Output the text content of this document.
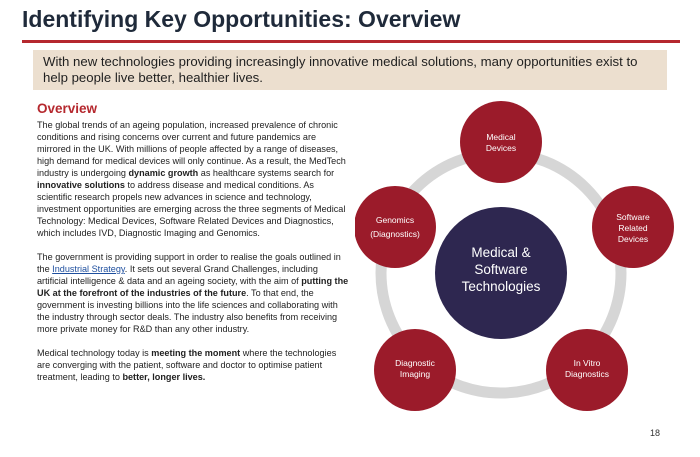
Identifying Key Opportunities: Overview
With new technologies providing increasingly innovative medical solutions, many opportunities exist to help people live better, healthier lives.
Overview

The global trends of an ageing population, increased prevalence of chronic conditions and rising concerns over current and future pandemics are mirrored in the UK. With millions of people affected by a range of diseases, high demand for medical devices will only continue. As a result, the MedTech industry is undergoing dynamic growth as healthcare systems search for innovative solutions to address disease and medical conditions. As scientific research propels new advances in science and technology, investment opportunities are emerging across the three segments of Medical Technology: Medical Devices, Software Related Devices and Diagnostics, which includes IVD, Diagnostic Imaging and Genomics.

The government is providing support in order to realise the goals outlined in the Industrial Strategy. It sets out several Grand Challenges, including artificial intelligence & data and an ageing society, with the aim of putting the UK at the forefront of the industries of the future. To that end, the government is investing billions into the life sciences and collaborating with the industry through sector deals. The industry also benefits from receiving more private money for R&D than any other industry.

Medical technology today is meeting the moment where the technologies are converging with the patient, software and doctor to optimise patient treatment, leading to better, longer lives.

Medical &
Software
Technologies
Medical
Devices
Software
Related
Devices
In Vitro
Diagnostics
Diagnostic
Imaging
Genomics
(Diagnostics)
18
